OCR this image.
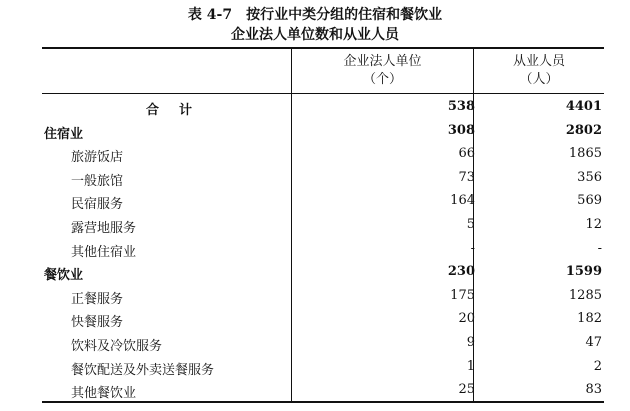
表 4-7　按行业中类分组的住宿和餐饮业
企业法人单位数和从业人员
企业法人单位
（个）
从业人员
（人）
合计	538	4401
住宿业	308	2802
旅游饭店	66	1865
一般旅馆	73	356
民宿服务	164	569
露营地服务	5	12
其他住宿业	-	-
餐饮业	230	1599
正餐服务	175	1285
快餐服务	20	182
饮料及冷饮服务	9	47
餐饮配送及外卖送餐服务	1	2
其他餐饮业	25	83
